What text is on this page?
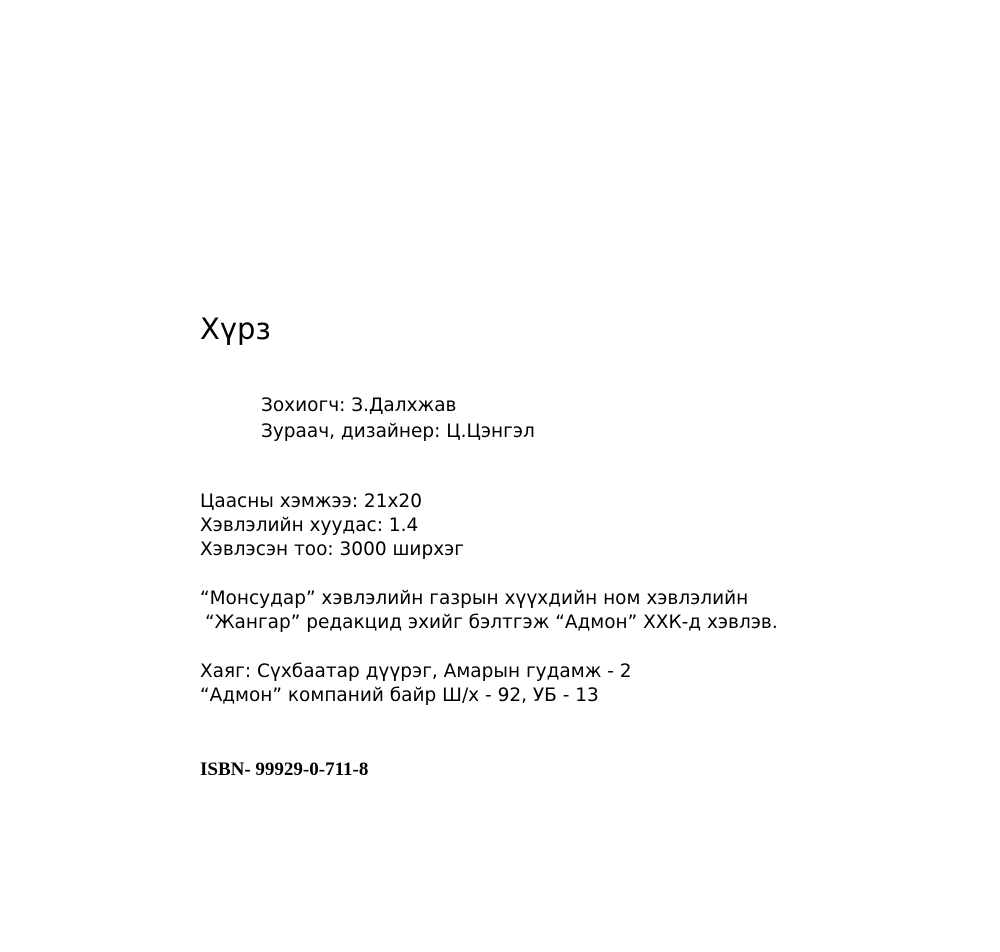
Хүрз
Зохиогч: З.Далхжав
Зураач, дизайнер: Ц.Цэнгэл
Цаасны хэмжээ: 21x20
Хэвлэлийн хуудас: 1.4
Хэвлэсэн тоо: 3000 ширхэг
“Монсудар” хэвлэлийн газрын хүүхдийн ном хэвлэлийн
“Жангар” редакцид эхийг бэлтгэж “Адмон” ХХК-д хэвлэв.
Хаяг: Сүхбаатар дүүрэг, Амарын гудамж - 2
“Адмон” компаний байр Ш/х - 92, УБ - 13
ISBN- 99929-0-711-8
